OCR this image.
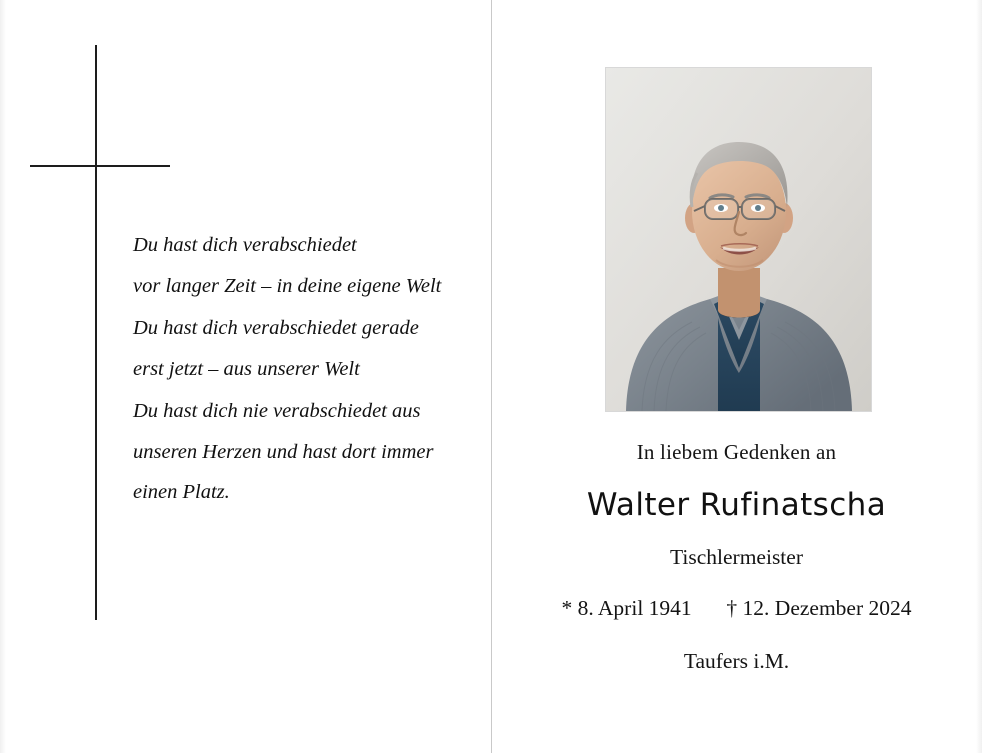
Du hast dich verabschiedet
vor langer Zeit – in deine eigene Welt
Du hast dich verabschiedet gerade
erst jetzt – aus unserer Welt
Du hast dich nie verabschiedet aus
unseren Herzen und hast dort immer
einen Platz.
In liebem Gedenken an
Walter Rufinatscha
Tischlermeister
* 8. April 1941 † 12. Dezember 2024
Taufers i.M.
